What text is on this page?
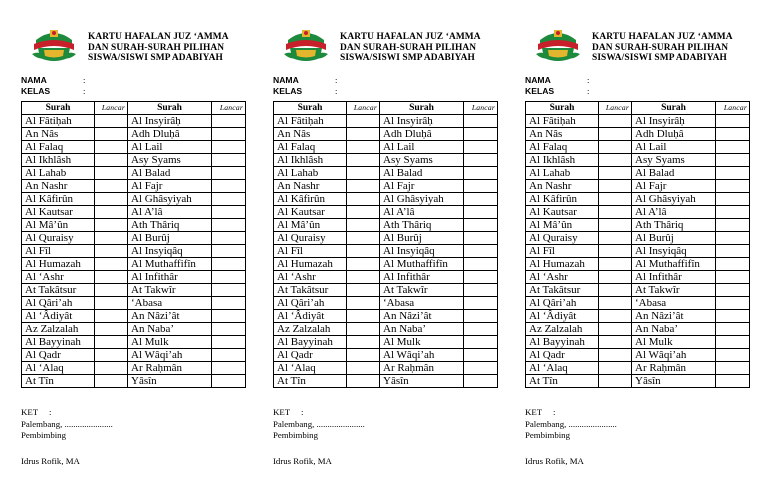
KARTU HAFALAN JUZ ‘AMMA
DAN SURAH-SURAH PILIHAN
SISWA/SISWI SMP ADABIYAH
NAMA	:
KELAS	:
Surah	Lancar	Surah	Lancar
Al Fâtiḥah		Al Insyirâḥ	
An Nâs		Adh Dluḥâ	
Al Falaq		Al Lail	
Al Ikhlâsh		Asy Syams	
Al Lahab		Al Balad	
An Nashr		Al Fajr	
Al Kâfirûn		Al Ghâsyiyah	
Al Kautsar		Al A’lâ	
Al Mâ’ûn		Ath Thâriq	
Al Quraisy		Al Burûj	
Al Fîl		Al Insyiqâq	
Al Humazah		Al Muthaffifîn	
Al ‘Ashr		Al Infithâr	
At Takâtsur		At Takwîr	
Al Qâri’ah		‘Abasa	
Al ‘Âdiyât		An Nâzi’ât	
Az Zalzalah		An Naba’	
Al Bayyinah		Al Mulk	
Al Qadr		Al Wâqi’ah	
Al ‘Alaq		Ar Raḥmân	
At Tîn		Yâsîn	
KET :
Palembang, ......................
Pembimbing
Idrus Rofik, MA
KARTU HAFALAN JUZ ‘AMMA
DAN SURAH-SURAH PILIHAN
SISWA/SISWI SMP ADABIYAH
NAMA	:
KELAS	:
Surah	Lancar	Surah	Lancar
Al Fâtiḥah		Al Insyirâḥ	
An Nâs		Adh Dluḥâ	
Al Falaq		Al Lail	
Al Ikhlâsh		Asy Syams	
Al Lahab		Al Balad	
An Nashr		Al Fajr	
Al Kâfirûn		Al Ghâsyiyah	
Al Kautsar		Al A’lâ	
Al Mâ’ûn		Ath Thâriq	
Al Quraisy		Al Burûj	
Al Fîl		Al Insyiqâq	
Al Humazah		Al Muthaffifîn	
Al ‘Ashr		Al Infithâr	
At Takâtsur		At Takwîr	
Al Qâri’ah		‘Abasa	
Al ‘Âdiyât		An Nâzi’ât	
Az Zalzalah		An Naba’	
Al Bayyinah		Al Mulk	
Al Qadr		Al Wâqi’ah	
Al ‘Alaq		Ar Raḥmân	
At Tîn		Yâsîn	
KET :
Palembang, ......................
Pembimbing
Idrus Rofik, MA
KARTU HAFALAN JUZ ‘AMMA
DAN SURAH-SURAH PILIHAN
SISWA/SISWI SMP ADABIYAH
NAMA	:
KELAS	:
Surah	Lancar	Surah	Lancar
Al Fâtiḥah		Al Insyirâḥ	
An Nâs		Adh Dluḥâ	
Al Falaq		Al Lail	
Al Ikhlâsh		Asy Syams	
Al Lahab		Al Balad	
An Nashr		Al Fajr	
Al Kâfirûn		Al Ghâsyiyah	
Al Kautsar		Al A’lâ	
Al Mâ’ûn		Ath Thâriq	
Al Quraisy		Al Burûj	
Al Fîl		Al Insyiqâq	
Al Humazah		Al Muthaffifîn	
Al ‘Ashr		Al Infithâr	
At Takâtsur		At Takwîr	
Al Qâri’ah		‘Abasa	
Al ‘Âdiyât		An Nâzi’ât	
Az Zalzalah		An Naba’	
Al Bayyinah		Al Mulk	
Al Qadr		Al Wâqi’ah	
Al ‘Alaq		Ar Raḥmân	
At Tîn		Yâsîn	
KET :
Palembang, ......................
Pembimbing
Idrus Rofik, MA
